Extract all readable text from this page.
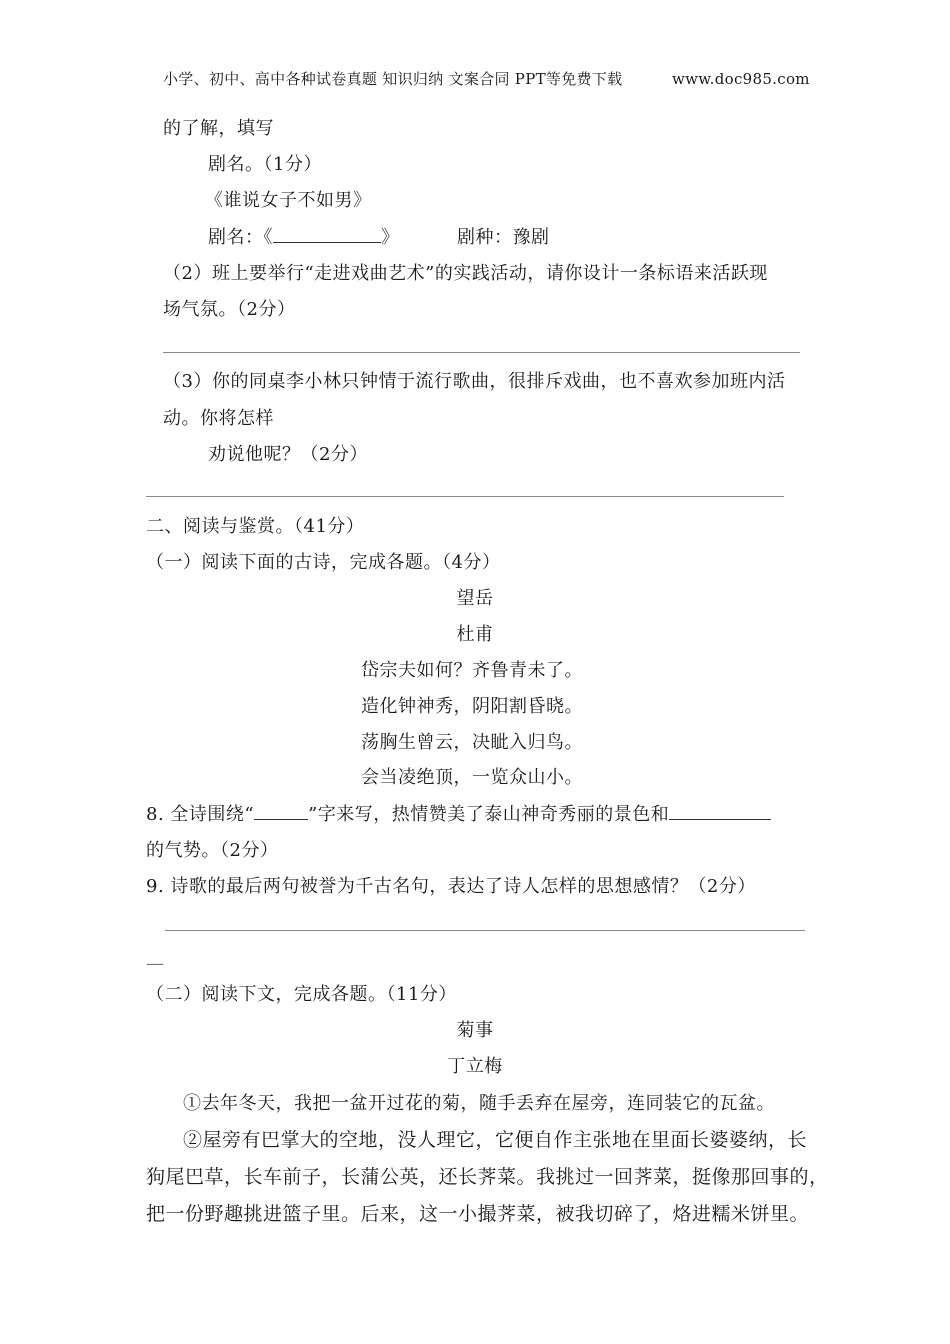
小学、初中、高中各种试卷真题 知识归纳 文案合同 PPT等免费下载	www.doc985.com
的了解，填写
剧名。（1分）
《谁说女子不如男》
剧名：《	》	剧种：豫剧
（2）班上要举行“走进戏曲艺术”的实践活动，请你设计一条标语来活跃现
场气氛。（2分）
（3）你的同桌李小林只钟情于流行歌曲，很排斥戏曲，也不喜欢参加班内活
动。你将怎样
劝说他呢？（2分）
二、阅读与鉴赏。（41分）
（一）阅读下面的古诗，完成各题。（4分）
望岳
杜甫
岱宗夫如何？齐鲁青未了。
造化钟神秀，阴阳割昏晓。
荡胸生曾云，决眦入归鸟。
会当凌绝顶，一览众山小。
8. 全诗围绕“	”字来写，热情赞美了泰山神奇秀丽的景色和
的气势。（2分）
9. 诗歌的最后两句被誉为千古名句，表达了诗人怎样的思想感情？（2分）
—
（二）阅读下文，完成各题。（11分）
菊事
丁立梅
①去年冬天，我把一盆开过花的菊，随手丢弃在屋旁，连同装它的瓦盆。
②屋旁有巴掌大的空地，没人理它，它便自作主张地在里面长婆婆纳，长
狗尾巴草，长车前子，长蒲公英，还长荠菜。我挑过一回荠菜，挺像那回事的，
把一份野趣挑进篮子里。后来，这一小撮荠菜，被我切碎了，烙进糯米饼里。
